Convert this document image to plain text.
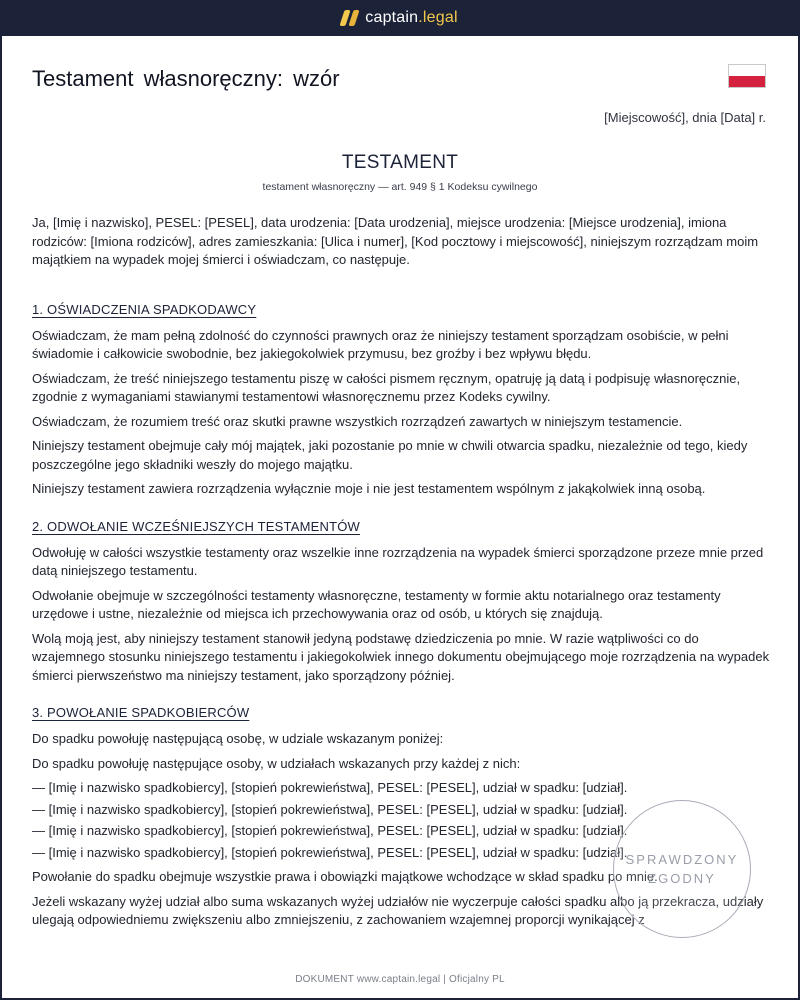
captain.legal
Testament własnoręczny: wzór
[Miejscowość], dnia [Data] r.
TESTAMENT
testament własnoręczny — art. 949 § 1 Kodeksu cywilnego

Ja, [Imię i nazwisko], PESEL: [PESEL], data urodzenia: [Data urodzenia], miejsce urodzenia: [Miejsce urodzenia], imiona rodziców: [Imiona rodziców], adres zamieszkania: [Ulica i numer], [Kod pocztowy i miejscowość], niniejszym rozrządzam moim majątkiem na wypadek mojej śmierci i oświadczam, co następuje.

1. OŚWIADCZENIA SPADKODAWCY

Oświadczam, że mam pełną zdolność do czynności prawnych oraz że niniejszy testament sporządzam osobiście, w pełni świadomie i całkowicie swobodnie, bez jakiegokolwiek przymusu, bez groźby i bez wpływu błędu.

Oświadczam, że treść niniejszego testamentu piszę w całości pismem ręcznym, opatruję ją datą i podpisuję własnoręcznie, zgodnie z wymaganiami stawianymi testamentowi własnoręcznemu przez Kodeks cywilny.

Oświadczam, że rozumiem treść oraz skutki prawne wszystkich rozrządzeń zawartych w niniejszym testamencie.

Niniejszy testament obejmuje cały mój majątek, jaki pozostanie po mnie w chwili otwarcia spadku, niezależnie od tego, kiedy poszczególne jego składniki weszły do mojego majątku.

Niniejszy testament zawiera rozrządzenia wyłącznie moje i nie jest testamentem wspólnym z jakąkolwiek inną osobą.

2. ODWOŁANIE WCZEŚNIEJSZYCH TESTAMENTÓW

Odwołuję w całości wszystkie testamenty oraz wszelkie inne rozrządzenia na wypadek śmierci sporządzone przeze mnie przed datą niniejszego testamentu.

Odwołanie obejmuje w szczególności testamenty własnoręczne, testamenty w formie aktu notarialnego oraz testamenty urzędowe i ustne, niezależnie od miejsca ich przechowywania oraz od osób, u których się znajdują.

Wolą moją jest, aby niniejszy testament stanowił jedyną podstawę dziedziczenia po mnie. W razie wątpliwości co do wzajemnego stosunku niniejszego testamentu i jakiegokolwiek innego dokumentu obejmującego moje rozrządzenia na wypadek śmierci pierwszeństwo ma niniejszy testament, jako sporządzony później.

3. POWOŁANIE SPADKOBIERCÓW

Do spadku powołuję następującą osobę, w udziale wskazanym poniżej:

Do spadku powołuję następujące osoby, w udziałach wskazanych przy każdej z nich:

— [Imię i nazwisko spadkobiercy], [stopień pokrewieństwa], PESEL: [PESEL], udział w spadku: [udział].
— [Imię i nazwisko spadkobiercy], [stopień pokrewieństwa], PESEL: [PESEL], udział w spadku: [udział].
— [Imię i nazwisko spadkobiercy], [stopień pokrewieństwa], PESEL: [PESEL], udział w spadku: [udział].
— [Imię i nazwisko spadkobiercy], [stopień pokrewieństwa], PESEL: [PESEL], udział w spadku: [udział].

Powołanie do spadku obejmuje wszystkie prawa i obowiązki majątkowe wchodzące w skład spadku po mnie.

Jeżeli wskazany wyżej udział albo suma wskazanych wyżej udziałów nie wyczerpuje całości spadku albo ją przekracza, udziały ulegają odpowiedniemu zwiększeniu albo zmniejszeniu, z zachowaniem wzajemnej proporcji wynikającej z

SPRAWDZONY
ZGODNY
DOKUMENT www.captain.legal | Oficjalny PL
